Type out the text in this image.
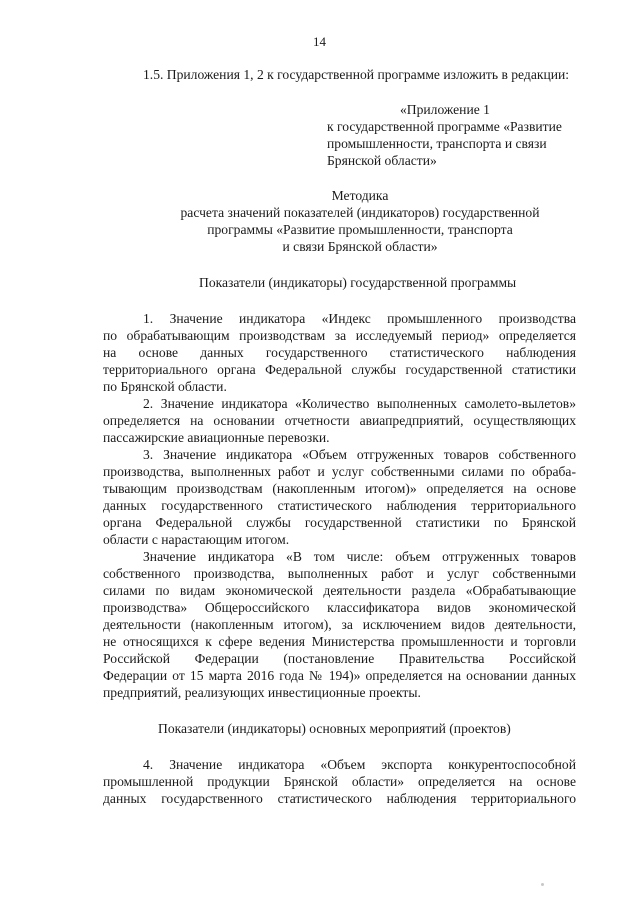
14
1.5. Приложения 1, 2 к государственной программе изложить в редакции:
«Приложение 1
к государственной программе «Развитие
промышленности, транспорта и связи
Брянской области»
Методика
расчета значений показателей (индикаторов) государственной
программы «Развитие промышленности, транспорта
и связи Брянской области»
Показатели (индикаторы) государственной программы
1. Значение индикатора «Индекс промышленного производства
по обрабатывающим производствам за исследуемый период» определяется
на основе данных государственного статистического наблюдения
территориального органа Федеральной службы государственной статистики
по Брянской области.
2. Значение индикатора «Количество выполненных самолето-вылетов»
определяется на основании отчетности авиапредприятий, осуществляющих
пассажирские авиационные перевозки.
3. Значение индикатора «Объем отгруженных товаров собственного
производства, выполненных работ и услуг собственными силами по обраба-
тывающим производствам (накопленным итогом)» определяется на основе
данных государственного статистического наблюдения территориального
органа Федеральной службы государственной статистики по Брянской
области с нарастающим итогом.
Значение индикатора «В том числе: объем отгруженных товаров
собственного производства, выполненных работ и услуг собственными
силами по видам экономической деятельности раздела «Обрабатывающие
производства» Общероссийского классификатора видов экономической
деятельности (накопленным итогом), за исключением видов деятельности,
не относящихся к сфере ведения Министерства промышленности и торговли
Российской Федерации (постановление Правительства Российской
Федерации от 15 марта 2016 года № 194)» определяется на основании данных
предприятий, реализующих инвестиционные проекты.
Показатели (индикаторы) основных мероприятий (проектов)
4. Значение индикатора «Объем экспорта конкурентоспособной
промышленной продукции Брянской области» определяется на основе
данных государственного статистического наблюдения территориального
